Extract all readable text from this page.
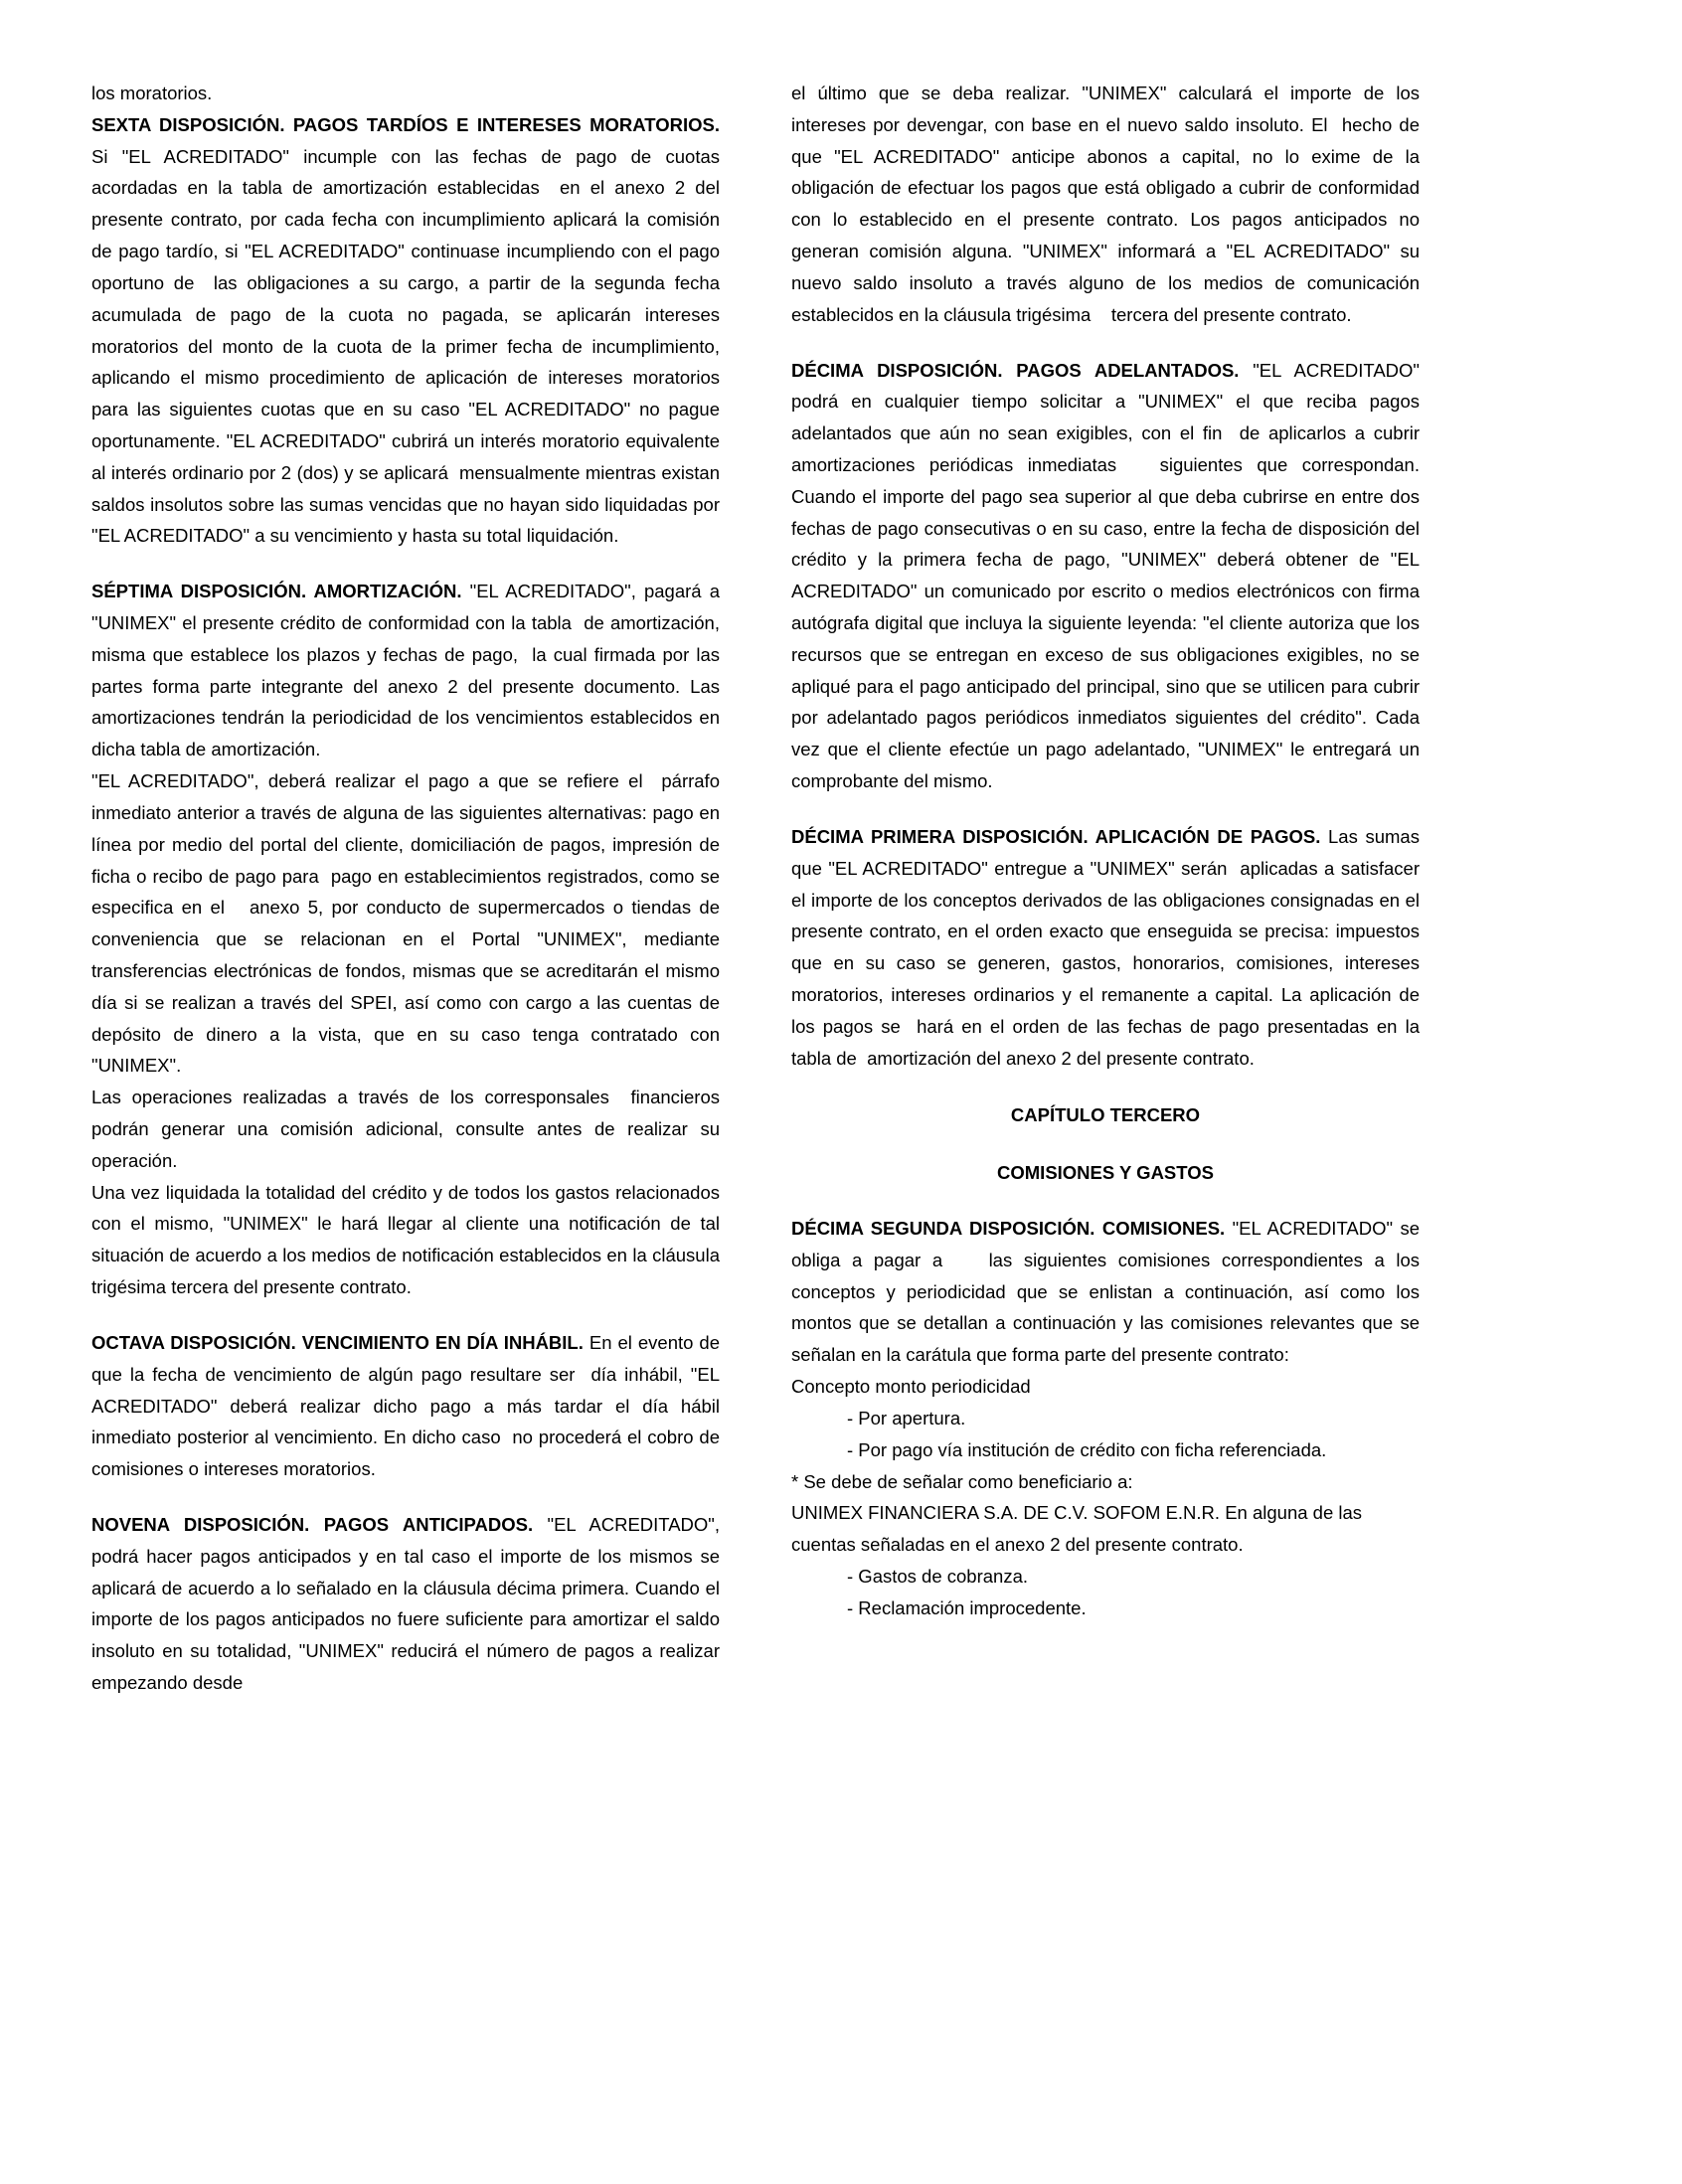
los moratorios.

SEXTA DISPOSICIÓN. PAGOS TARDÍOS E INTERESES MORATORIOS. Si "EL ACREDITADO" incumple con las fechas de pago de cuotas acordadas en la tabla de amortización establecidas  en el anexo 2 del presente contrato, por cada fecha con incumplimiento aplicará la comisión de pago tardío, si "EL ACREDITADO" continuase incumpliendo con el pago oportuno de  las obligaciones a su cargo, a partir de la segunda fecha acumulada de pago de la cuota no pagada, se aplicarán intereses moratorios del monto de la cuota de la primer fecha de incumplimiento, aplicando el mismo procedimiento de aplicación de intereses moratorios para las siguientes cuotas que en su caso "EL ACREDITADO" no pague oportunamente. "EL ACREDITADO" cubrirá un interés moratorio equivalente al interés ordinario por 2 (dos) y se aplicará  mensualmente mientras existan saldos insolutos sobre las sumas vencidas que no hayan sido liquidadas por "EL ACREDITADO" a su vencimiento y hasta su total liquidación.

SÉPTIMA DISPOSICIÓN. AMORTIZACIÓN. "EL ACREDITADO", pagará a "UNIMEX" el presente crédito de conformidad con la tabla  de amortización, misma que establece los plazos y fechas de pago,  la cual firmada por las partes forma parte integrante del anexo 2 del presente documento. Las amortizaciones tendrán la periodicidad de los vencimientos establecidos en dicha tabla de amortización.

"EL ACREDITADO", deberá realizar el pago a que se refiere el  párrafo inmediato anterior a través de alguna de las siguientes alternativas: pago en línea por medio del portal del cliente, domiciliación de pagos, impresión de ficha o recibo de pago para  pago en establecimientos registrados, como se especifica en el   anexo 5, por conducto de supermercados o tiendas de conveniencia que se relacionan en el Portal "UNIMEX", mediante transferencias electrónicas de fondos, mismas que se acreditarán el mismo día si se realizan a través del SPEI, así como con cargo a las cuentas de depósito de dinero a la vista, que en su caso tenga contratado con "UNIMEX".

Las operaciones realizadas a través de los corresponsales  financieros podrán generar una comisión adicional, consulte antes de realizar su operación.

Una vez liquidada la totalidad del crédito y de todos los gastos relacionados con el mismo, "UNIMEX" le hará llegar al cliente una notificación de tal situación de acuerdo a los medios de notificación establecidos en la cláusula trigésima tercera del presente contrato.

OCTAVA DISPOSICIÓN. VENCIMIENTO EN DÍA INHÁBIL. En el evento de que la fecha de vencimiento de algún pago resultare ser  día inhábil, "EL ACREDITADO" deberá realizar dicho pago a más tardar el día hábil inmediato posterior al vencimiento. En dicho caso  no procederá el cobro de comisiones o intereses moratorios.

NOVENA DISPOSICIÓN. PAGOS ANTICIPADOS. "EL ACREDITADO", podrá hacer pagos anticipados y en tal caso el importe de los mismos se aplicará de acuerdo a lo señalado en la cláusula décima primera. Cuando el importe de los pagos anticipados no fuere suficiente para amortizar el saldo insoluto en su totalidad, "UNIMEX" reducirá el número de pagos a realizar empezando desde

el último que se deba realizar. "UNIMEX" calculará el importe de los intereses por devengar, con base en el nuevo saldo insoluto. El  hecho de que "EL ACREDITADO" anticipe abonos a capital, no lo exime de la obligación de efectuar los pagos que está obligado a cubrir de conformidad con lo establecido en el presente contrato. Los pagos anticipados no generan comisión alguna. "UNIMEX" informará a "EL ACREDITADO" su nuevo saldo insoluto a través alguno de los medios de comunicación establecidos en la cláusula trigésima    tercera del presente contrato.

DÉCIMA DISPOSICIÓN. PAGOS ADELANTADOS. "EL ACREDITADO" podrá en cualquier tiempo solicitar a "UNIMEX" el que reciba pagos adelantados que aún no sean exigibles, con el fin  de aplicarlos a cubrir amortizaciones periódicas inmediatas   siguientes que correspondan. Cuando el importe del pago sea superior al que deba cubrirse en entre dos fechas de pago consecutivas o en su caso, entre la fecha de disposición del crédito y la primera fecha de pago, "UNIMEX" deberá obtener de "EL ACREDITADO" un comunicado por escrito o medios electrónicos con firma autógrafa digital que incluya la siguiente leyenda: "el cliente autoriza que los recursos que se entregan en exceso de sus obligaciones exigibles, no se apliqué para el pago anticipado del principal, sino que se utilicen para cubrir por adelantado pagos periódicos inmediatos siguientes del crédito". Cada vez que el cliente efectúe un pago adelantado, "UNIMEX" le entregará un comprobante del mismo.

DÉCIMA PRIMERA DISPOSICIÓN. APLICACIÓN DE PAGOS. Las sumas que "EL ACREDITADO" entregue a "UNIMEX" serán  aplicadas a satisfacer el importe de los conceptos derivados de las obligaciones consignadas en el presente contrato, en el orden exacto que enseguida se precisa: impuestos que en su caso se generen, gastos, honorarios, comisiones, intereses moratorios, intereses ordinarios y el remanente a capital. La aplicación de los pagos se  hará en el orden de las fechas de pago presentadas en la tabla de  amortización del anexo 2 del presente contrato.

CAPÍTULO TERCERO

COMISIONES Y GASTOS

DÉCIMA SEGUNDA DISPOSICIÓN. COMISIONES. "EL ACREDITADO" se obliga a pagar a    las siguientes comisiones correspondientes a los conceptos y periodicidad que se enlistan a continuación, así como los montos que se detallan a continuación y las comisiones relevantes que se señalan en la carátula que forma parte del presente contrato:

Concepto monto periodicidad

- Por apertura.

- Por pago vía institución de crédito con ficha referenciada.

* Se debe de señalar como beneficiario a:

UNIMEX FINANCIERA S.A. DE C.V. SOFOM E.N.R. En alguna de las cuentas señaladas en el anexo 2 del presente contrato.

- Gastos de cobranza.

- Reclamación improcedente.
